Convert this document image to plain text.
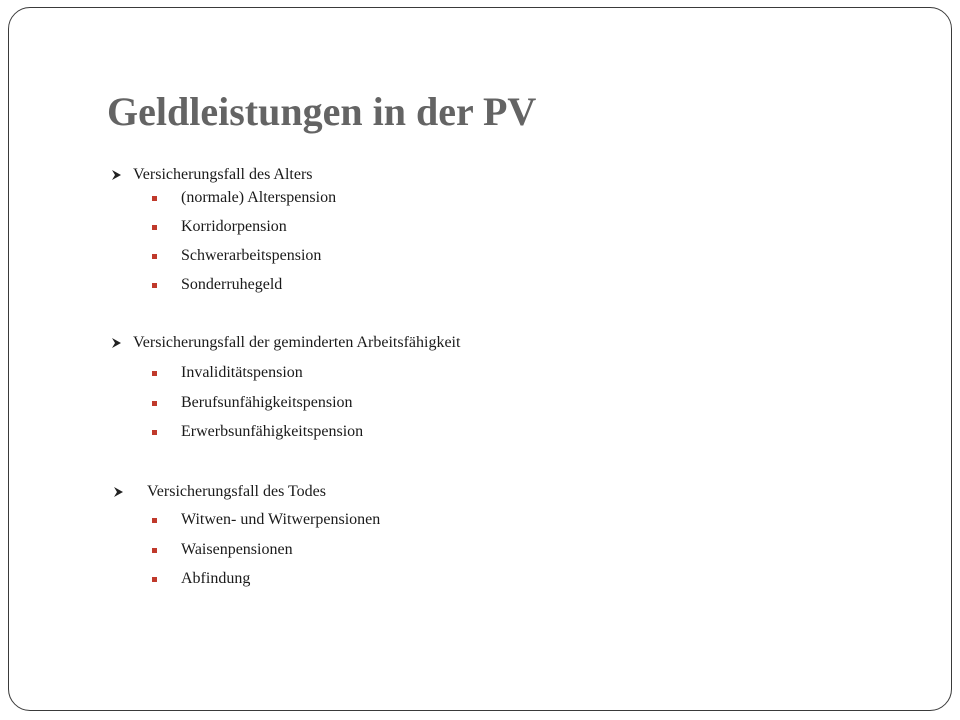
Geldleistungen in der PV
Versicherungsfall des Alters
(normale) Alterspension
Korridorpension
Schwerarbeitspension
Sonderruhegeld
Versicherungsfall der geminderten Arbeitsfähigkeit
Invaliditätspension
Berufsunfähigkeitspension
Erwerbsunfähigkeitspension
Versicherungsfall des Todes
Witwen- und Witwerpensionen
Waisenpensionen
Abfindung
